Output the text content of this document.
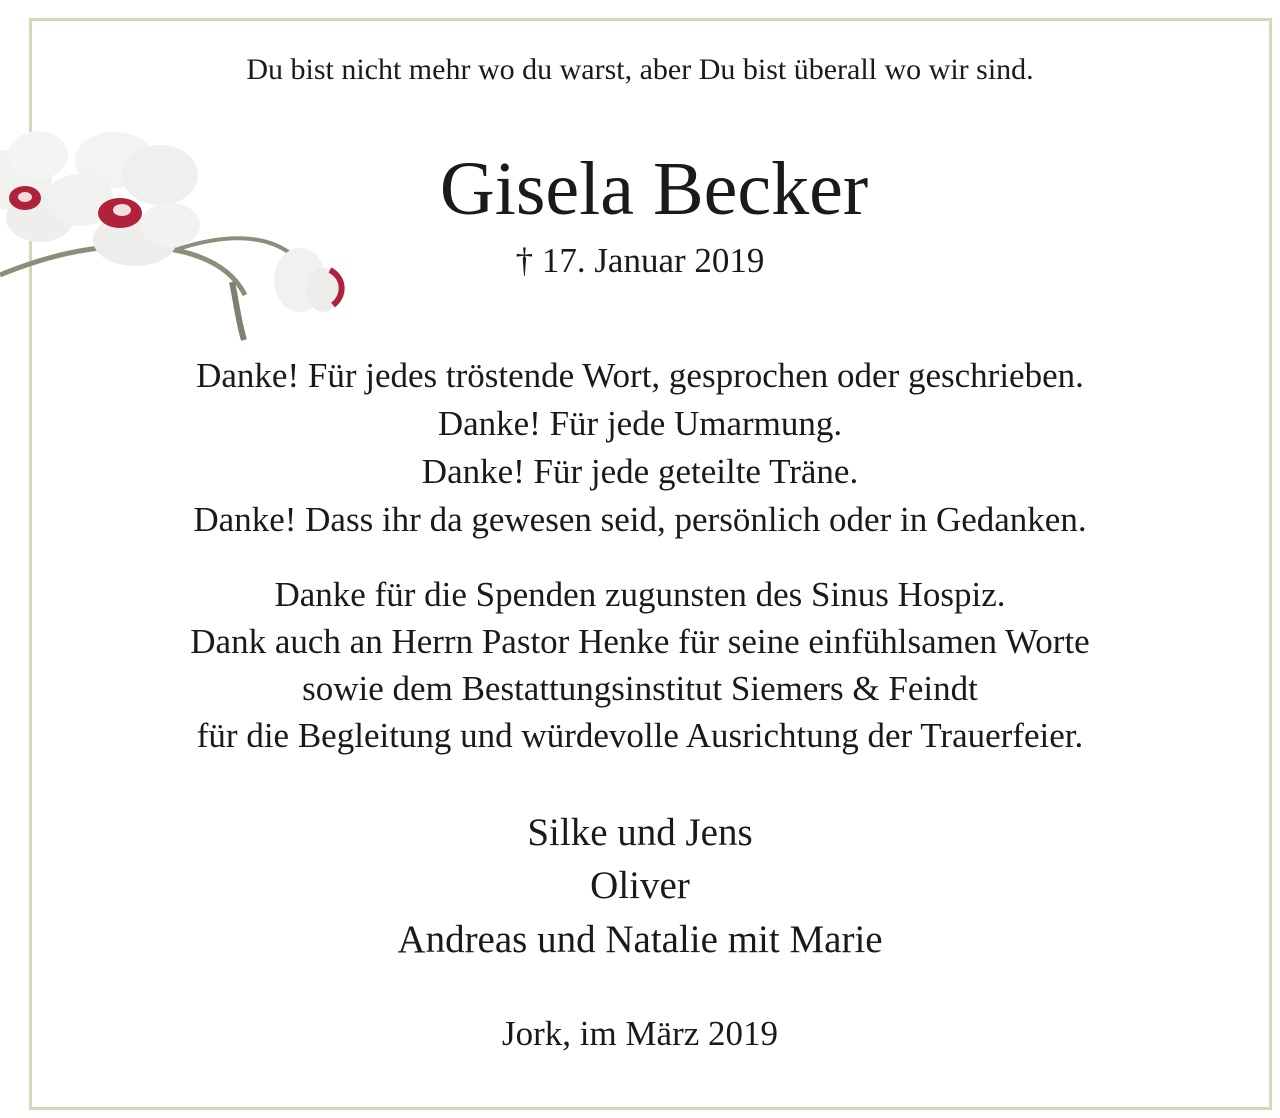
Du bist nicht mehr wo du warst, aber Du bist überall wo wir sind.
Gisela Becker
† 17. Januar 2019
Danke! Für jedes tröstende Wort, gesprochen oder geschrieben.
Danke! Für jede Umarmung.
Danke! Für jede geteilte Träne.
Danke! Dass ihr da gewesen seid, persönlich oder in Gedanken.
Danke für die Spenden zugunsten des Sinus Hospiz.
Dank auch an Herrn Pastor Henke für seine einfühlsamen Worte
sowie dem Bestattungsinstitut Siemers & Feindt
für die Begleitung und würdevolle Ausrichtung der Trauerfeier.
Silke und Jens
Oliver
Andreas und Natalie mit Marie
Jork, im März 2019
